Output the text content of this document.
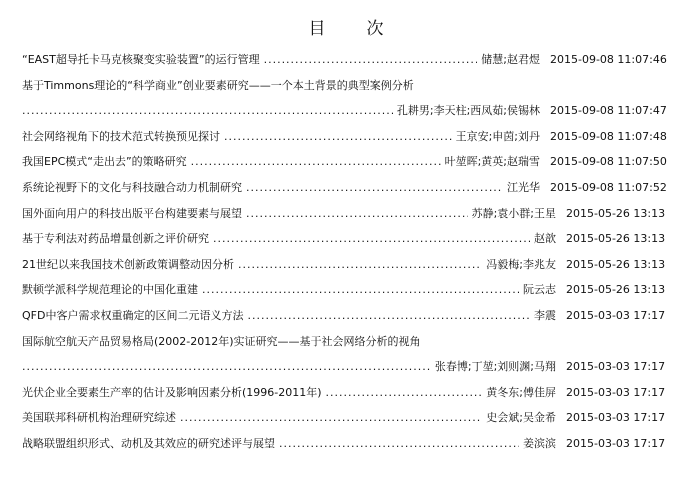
目　次
“EAST超导托卡马克核聚变实验装置”的运行管理 .....	储慧;赵君煜 2015-09-08 11:07:46
基于Timmons理论的“科学商业”创业要素研究——一个本土背景的典型案例分析
.....
孔耕男;李天柱;西凤茹;侯锡林 2015-09-08 11:07:47
社会网络视角下的技术范式转换预见探讨 .....	王京安;申茵;刘丹 2015-09-08 11:07:48
我国EPC模式“走出去”的策略研究 .....	叶堃晖;黄英;赵瑞雪 2015-09-08 11:07:50
系统论视野下的文化与科技融合动力机制研究 .....	江光华 2015-09-08 11:07:52
国外面向用户的科技出版平台构建要素与展望 .....	苏静;袁小群;王星 2015-05-26 13:13
基于专利法对药品增量创新之评价研究 .....	赵歆 2015-05-26 13:13
21世纪以来我国技术创新政策调整动因分析 .....	冯毅梅;李兆友 2015-05-26 13:13
默顿学派科学规范理论的中国化重建 .....	阮云志 2015-05-26 13:13
QFD中客户需求权重确定的区间二元语义方法 .....	李震 2015-03-03 17:17
国际航空航天产品贸易格局(2002-2012年)实证研究——基于社会网络分析的视角
.....
张春博;丁堃;刘则渊;马翔 2015-03-03 17:17
光伏企业全要素生产率的估计及影响因素分析(1996-2011年) .....	黄冬东;傅佳屏 2015-03-03 17:17
美国联邦科研机构治理研究综述 .....	史会斌;吴金希 2015-03-03 17:17
战略联盟组织形式、动机及其效应的研究述评与展望 .....	姜滨滨 2015-03-03 17:17
